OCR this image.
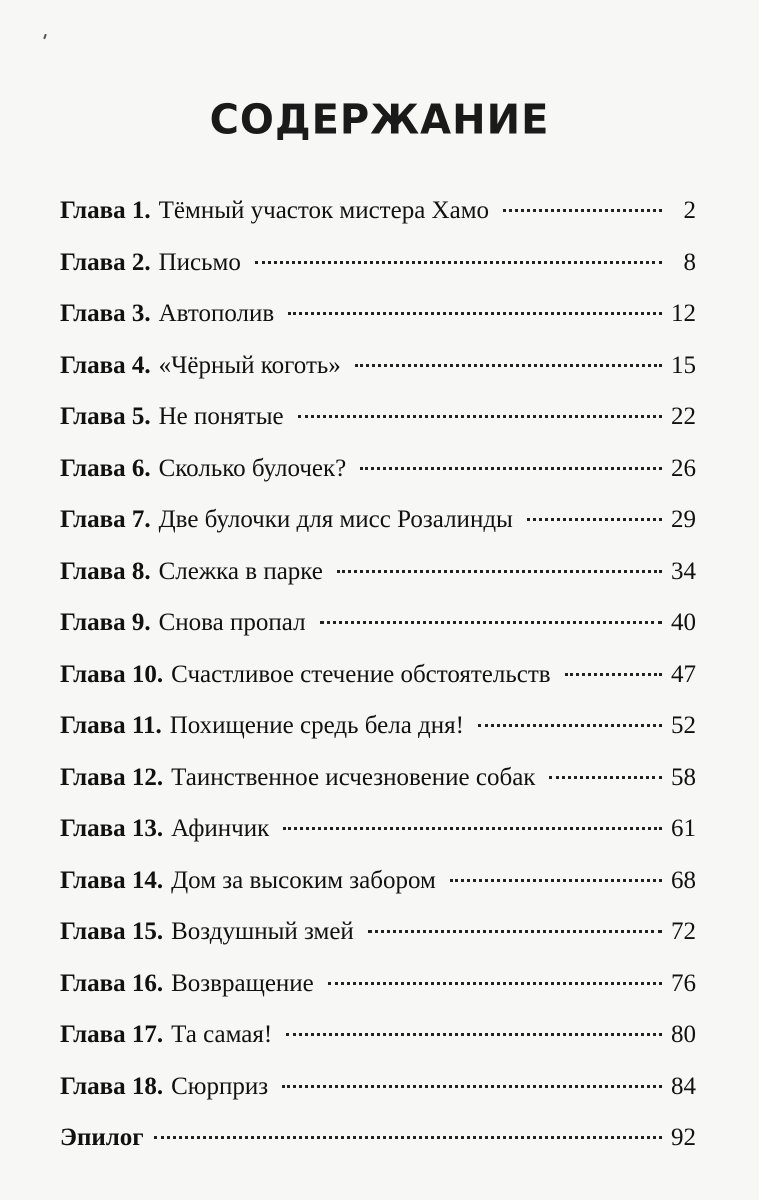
СОДЕРЖАНИЕ
Глава 1. Тёмный участок мистера Хамо	2
Глава 2. Письмо	8
Глава 3. Автополив	12
Глава 4. «Чёрный коготь»	15
Глава 5. Не понятые	22
Глава 6. Сколько булочек?	26
Глава 7. Две булочки для мисс Розалинды	29
Глава 8. Слежка в парке	34
Глава 9. Снова пропал	40
Глава 10. Счастливое стечение обстоятельств	47
Глава 11. Похищение средь бела дня!	52
Глава 12. Таинственное исчезновение собак	58
Глава 13. Афинчик	61
Глава 14. Дом за высоким забором	68
Глава 15. Воздушный змей	72
Глава 16. Возвращение	76
Глава 17. Та самая!	80
Глава 18. Сюрприз	84
Эпилог	92
